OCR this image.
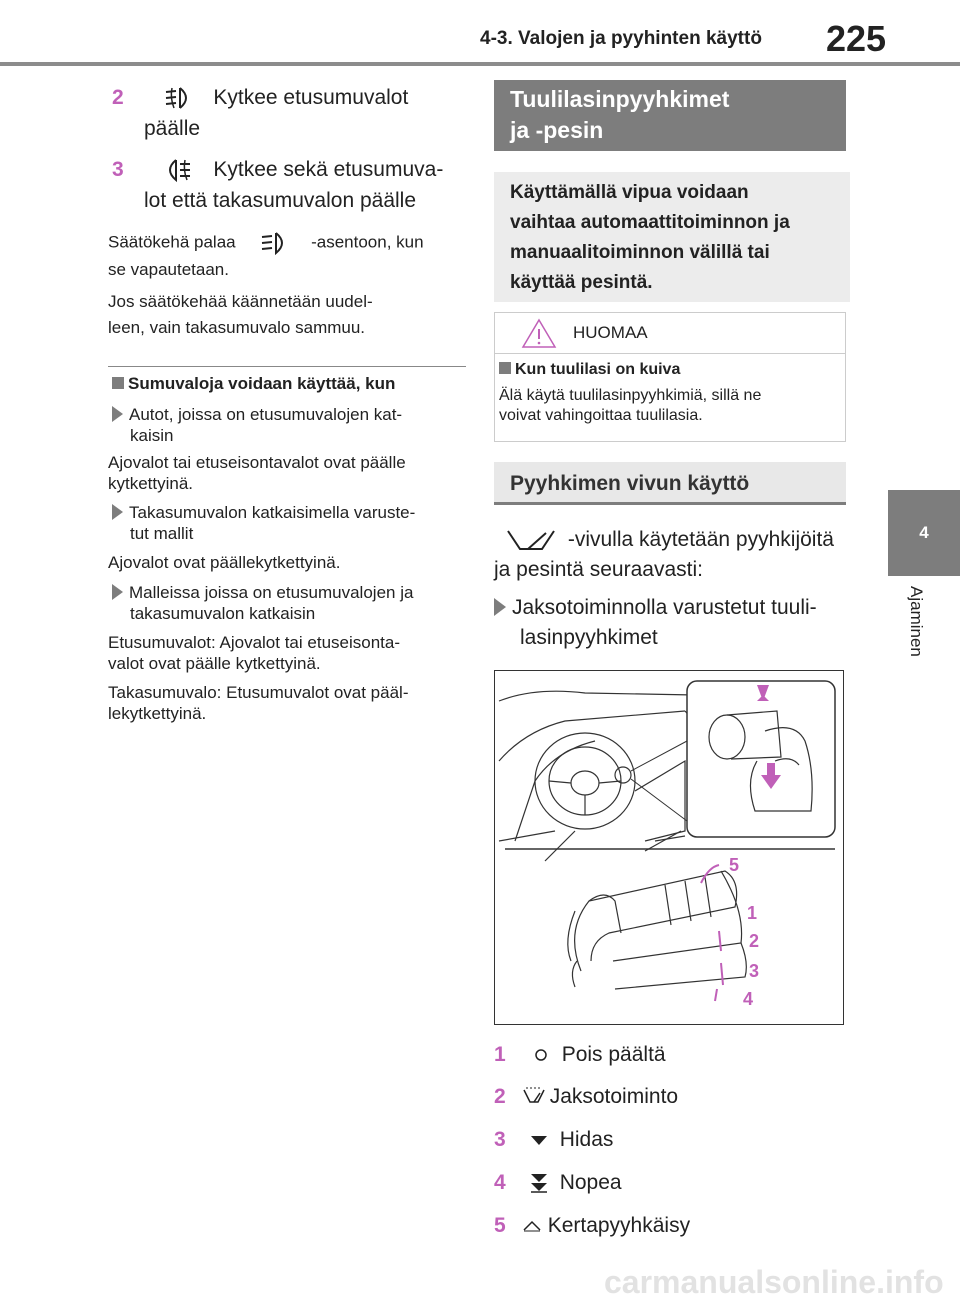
4-3. Valojen ja pyyhinten käyttö 225
4
Ajaminen
2	Kytkee etusumuvalot
päälle
3	Kytkee sekä etusumuva-
lot että takasumuvalon päälle
Säätökehä palaa	-asentoon, kun
se vapautetaan.
Jos säätökehää käännetään uudel-
leen, vain takasumuvalo sammuu.
Sumuvaloja voidaan käyttää, kun
Autot, joissa on etusumuvalojen kat-
kaisin
Ajovalot tai etuseisontavalot ovat päälle
kytkettyinä.
Takasumuvalon katkaisimella varuste-
tut mallit
Ajovalot ovat päällekytkettyinä.
Malleissa joissa on etusumuvalojen ja
takasumuvalon katkaisin
Etusumuvalot: Ajovalot tai etuseisonta-
valot ovat päälle kytkettyinä.
Takasumuvalo: Etusumuvalot ovat pääl-
lekytkettyinä.
Tuulilasinpyyhkimet
ja -pesin
Käyttämällä vipua voidaan
vaihtaa automaattitoiminnon ja
manuaalitoiminnon välillä tai
käyttää pesintä.
HUOMAA
Kun tuulilasi on kuiva
Älä käytä tuulilasinpyyhkimiä, sillä ne
voivat vahingoittaa tuulilasia.
Pyyhkimen vivun käyttö
-vivulla käytetään pyyhkijöitä
ja pesintä seuraavasti:
Jaksotoiminnolla varustetut tuuli-
lasinpyyhkimet
5
1
2
3
4
1	Pois päältä
2 Jaksotoiminto
3	Hidas
4	Nopea
5 Kertapyyhkäisy
carmanualsonline.info
